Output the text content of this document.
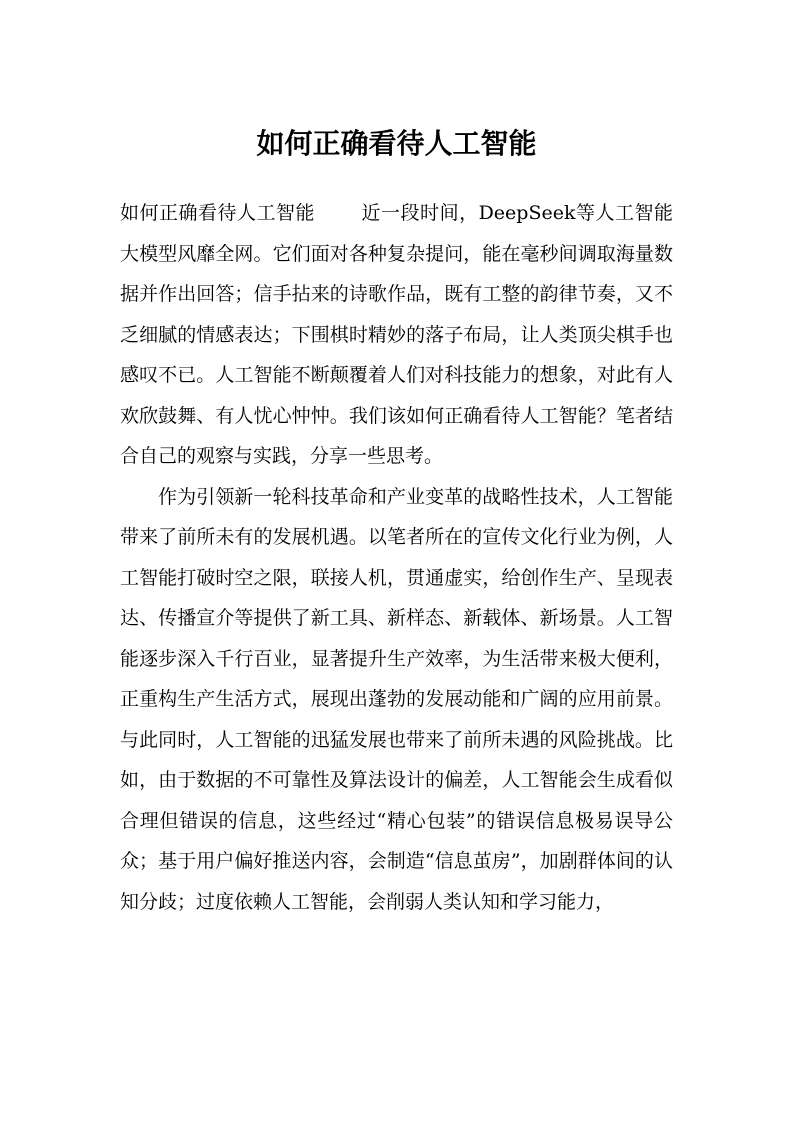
如何正确看待人工智能

如何正确看待人工智能 近一段时间，DeepSeek等人工智能大模型风靡全网。它们面对各种复杂提问，能在毫秒间调取海量数据并作出回答；信手拈来的诗歌作品，既有工整的韵律节奏，又不乏细腻的情感表达；下围棋时精妙的落子布局，让人类顶尖棋手也感叹不已。人工智能不断颠覆着人们对科技能力的想象，对此有人欢欣鼓舞、有人忧心忡忡。我们该如何正确看待人工智能？笔者结合自己的观察与实践，分享一些思考。

作为引领新一轮科技革命和产业变革的战略性技术，人工智能带来了前所未有的发展机遇。以笔者所在的宣传文化行业为例，人工智能打破时空之限，联接人机，贯通虚实，给创作生产、呈现表达、传播宣介等提供了新工具、新样态、新载体、新场景。人工智能逐步深入千行百业，显著提升生产效率，为生活带来极大便利，正重构生产生活方式，展现出蓬勃的发展动能和广阔的应用前景。与此同时，人工智能的迅猛发展也带来了前所未遇的风险挑战。比如，由于数据的不可靠性及算法设计的偏差，人工智能会生成看似合理但错误的信息，这些经过“精心包装”的错误信息极易误导公众；基于用户偏好推送内容，会制造“信息茧房”，加剧群体间的认知分歧；过度依赖人工智能，会削弱人类认知和学习能力，
